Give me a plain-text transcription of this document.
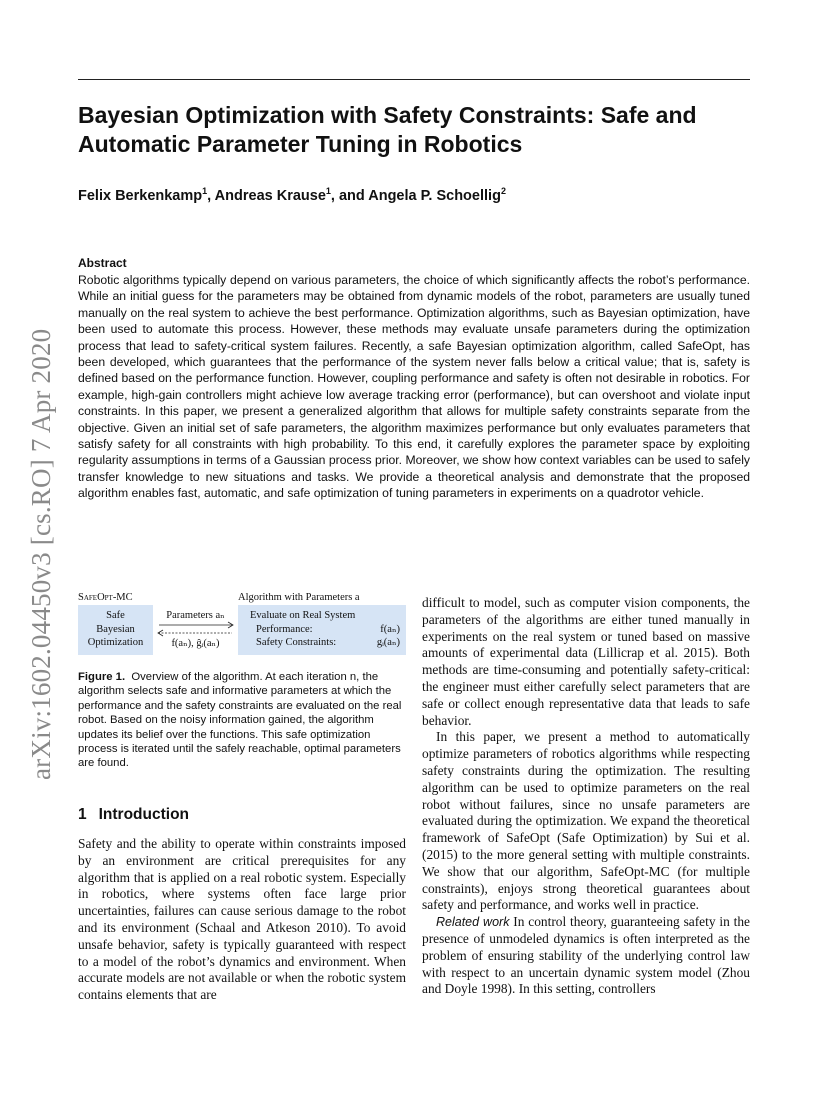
arXiv:1602.04450v3 [cs.RO] 7 Apr 2020
Bayesian Optimization with Safety Constraints: Safe and Automatic Parameter Tuning in Robotics
Felix Berkenkamp$^1$, Andreas Krause$^1$, and Angela P. Schoellig$^2$
Abstract
Robotic algorithms typically depend on various parameters, the choice of which significantly affects the robot’s performance. While an initial guess for the parameters may be obtained from dynamic models of the robot, parameters are usually tuned manually on the real system to achieve the best performance. Optimization algorithms, such as Bayesian optimization, have been used to automate this process. However, these methods may evaluate unsafe parameters during the optimization process that lead to safety-critical system failures. Recently, a safe Bayesian optimization algorithm, called SafeOpt, has been developed, which guarantees that the performance of the system never falls below a critical value; that is, safety is defined based on the performance function. However, coupling performance and safety is often not desirable in robotics. For example, high-gain controllers might achieve low average tracking error (performance), but can overshoot and violate input constraints. In this paper, we present a generalized algorithm that allows for multiple safety constraints separate from the objective. Given an initial set of safe parameters, the algorithm maximizes performance but only evaluates parameters that satisfy safety for all constraints with high probability. To this end, it carefully explores the parameter space by exploiting regularity assumptions in terms of a Gaussian process prior. Moreover, we show how context variables can be used to safely transfer knowledge to new situations and tasks. We provide a theoretical analysis and demonstrate that the proposed algorithm enables fast, automatic, and safe optimization of tuning parameters in experiments on a quadrotor vehicle.
SafeOpt-MC	Algorithm with Parameters a
Safe
Bayesian
Optimization
Parameters aₙ
f(aₙ), ĝᵢ(aₙ)
Evaluate on Real System
Performance:	f(aₙ)
Safety Constraints:	gᵢ(aₙ)
Figure 1. Overview of the algorithm. At each iteration n, the algorithm selects safe and informative parameters at which the performance and the safety constraints are evaluated on the real robot. Based on the noisy information gained, the algorithm updates its belief over the functions. This safe optimization process is iterated until the safely reachable, optimal parameters are found.
1 Introduction

Safety and the ability to operate within constraints imposed by an environment are critical prerequisites for any algorithm that is applied on a real robotic system. Especially in robotics, where systems often face large prior uncertainties, failures can cause serious damage to the robot and its environment (Schaal and Atkeson 2010). To avoid unsafe behavior, safety is typically guaranteed with respect to a model of the robot’s dynamics and environment. When accurate models are not available or when the robotic system contains elements that are

difficult to model, such as computer vision components, the parameters of the algorithms are either tuned manually in experiments on the real system or tuned based on massive amounts of experimental data (Lillicrap et al. 2015). Both methods are time-consuming and potentially safety-critical: the engineer must either carefully select parameters that are safe or collect enough representative data that leads to safe behavior.

In this paper, we present a method to automatically optimize parameters of robotics algorithms while respecting safety constraints during the optimization. The resulting algorithm can be used to optimize parameters on the real robot without failures, since no unsafe parameters are evaluated during the optimization. We expand the theoretical framework of SafeOpt (Safe Optimization) by Sui et al. (2015) to the more general setting with multiple constraints. We show that our algorithm, SafeOpt-MC (for multiple constraints), enjoys strong theoretical guarantees about safety and performance, and works well in practice.

Related work In control theory, guaranteeing safety in the presence of unmodeled dynamics is often interpreted as the problem of ensuring stability of the underlying control law with respect to an uncertain dynamic system model (Zhou and Doyle 1998). In this setting, controllers
